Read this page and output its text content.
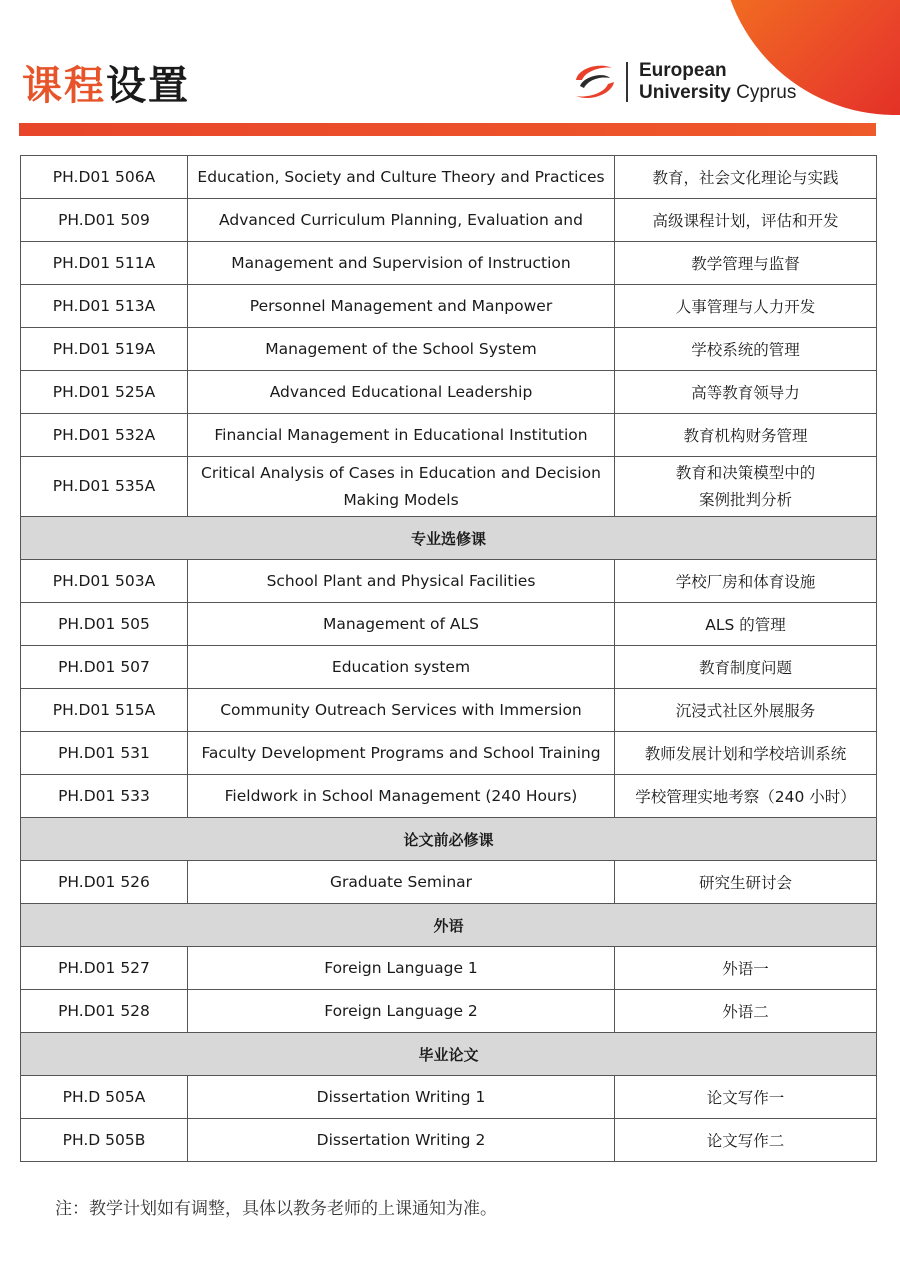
课程设置	European
University Cyprus
PH.D01 506A	Education, Society and Culture Theory and Practices	教育，社会文化理论与实践
PH.D01 509	Advanced Curriculum Planning, Evaluation and	高级课程计划，评估和开发
PH.D01 511A	Management and Supervision of Instruction	教学管理与监督
PH.D01 513A	Personnel Management and Manpower	人事管理与人力开发
PH.D01 519A	Management of the School System	学校系统的管理
PH.D01 525A	Advanced Educational Leadership	高等教育领导力
PH.D01 532A	Financial Management in Educational Institution	教育机构财务管理
PH.D01 535A	Critical Analysis of Cases in Education and Decision Making Models	教育和决策模型中的
案例批判分析
专业选修课		
PH.D01 503A	School Plant and Physical Facilities	学校厂房和体育设施
PH.D01 505	Management of ALS	ALS 的管理
PH.D01 507	Education system	教育制度问题
PH.D01 515A	Community Outreach Services with Immersion	沉浸式社区外展服务
PH.D01 531	Faculty Development Programs and School Training	教师发展计划和学校培训系统
PH.D01 533	Fieldwork in School Management (240 Hours)	学校管理实地考察（240 小时）
论文前必修课		
PH.D01 526	Graduate Seminar	研究生研讨会
外语		
PH.D01 527	Foreign Language 1	外语一
PH.D01 528	Foreign Language 2	外语二
毕业论文		
PH.D 505A	Dissertation Writing 1	论文写作一
PH.D 505B	Dissertation Writing 2	论文写作二
注：教学计划如有调整，具体以教务老师的上课通知为准。
